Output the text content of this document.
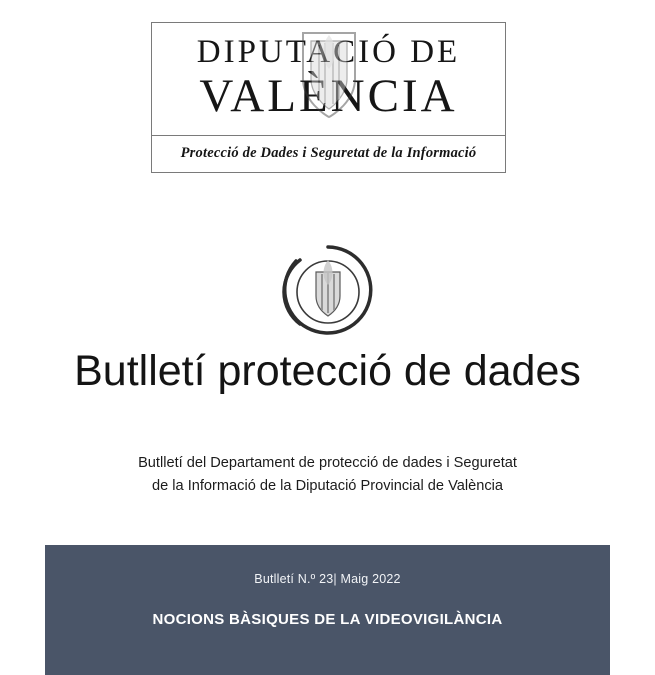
DIPUTACIÓ DE
VALÈNCIA
Protecció de Dades i Seguretat de la Informació
Butlletí protecció de dades
Butlletí del Departament de protecció de dades i Seguretat
de la Informació de la Diputació Provincial de València
Butlletí N.º 23| Maig 2022
NOCIONS BÀSIQUES DE LA VIDEOVIGILÀNCIA
